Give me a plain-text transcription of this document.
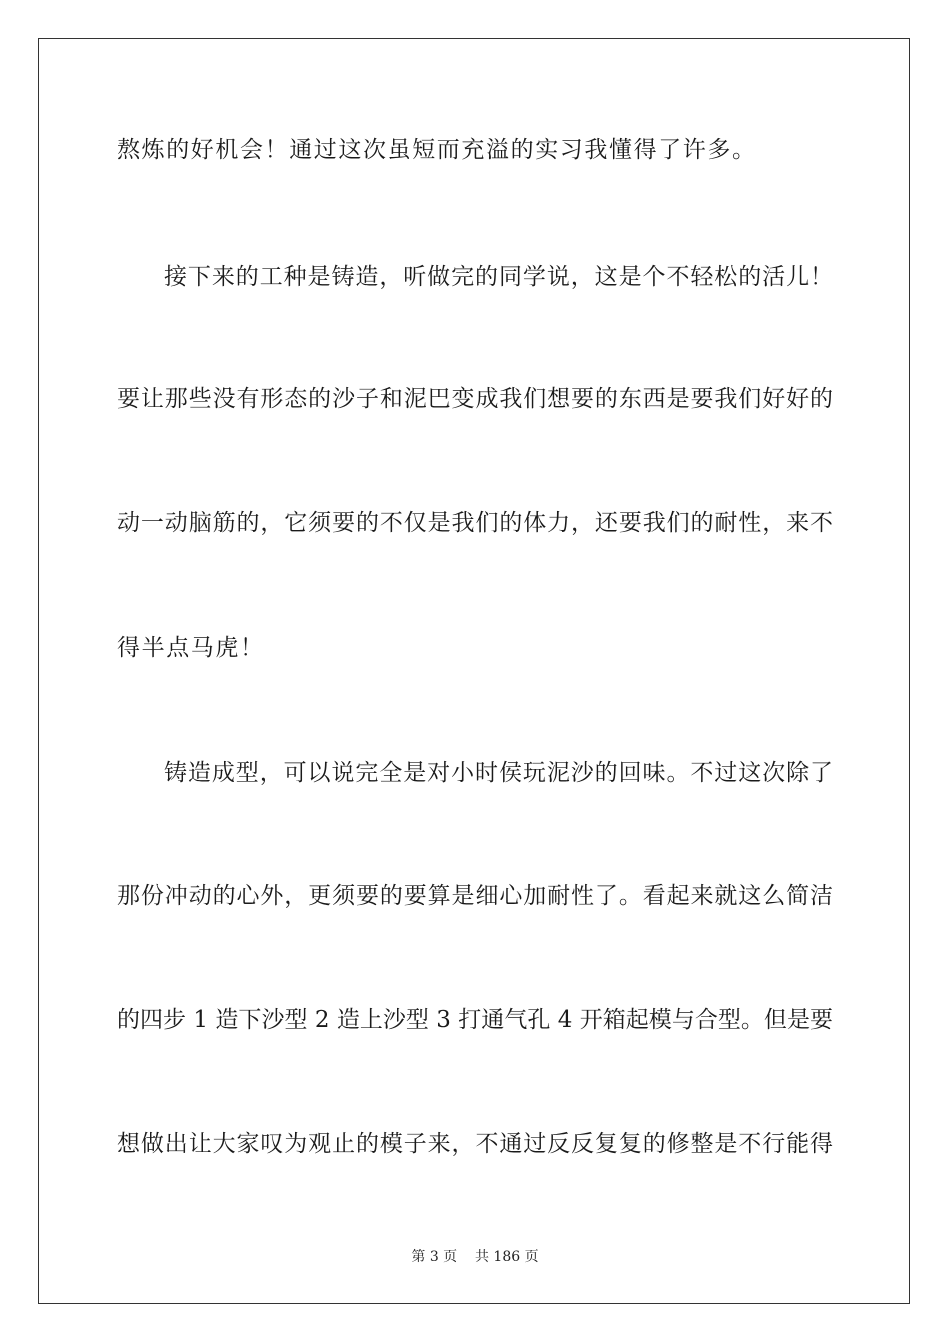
熬炼的好机会！通过这次虽短而充溢的实习我懂得了许多。
接下来的工种是铸造，听做完的同学说，这是个不轻松的活儿！
要让那些没有形态的沙子和泥巴变成我们想要的东西是要我们好好的
动一动脑筋的，它须要的不仅是我们的体力，还要我们的耐性，来不
得半点马虎！
铸造成型，可以说完全是对小时侯玩泥沙的回味。不过这次除了
那份冲动的心外，更须要的要算是细心加耐性了。看起来就这么简洁
的四步 1 造下沙型 2 造上沙型 3 打通气孔 4 开箱起模与合型。但是要
想做出让大家叹为观止的模子来，不通过反反复复的修整是不行能得
第 3 页    共 186 页
